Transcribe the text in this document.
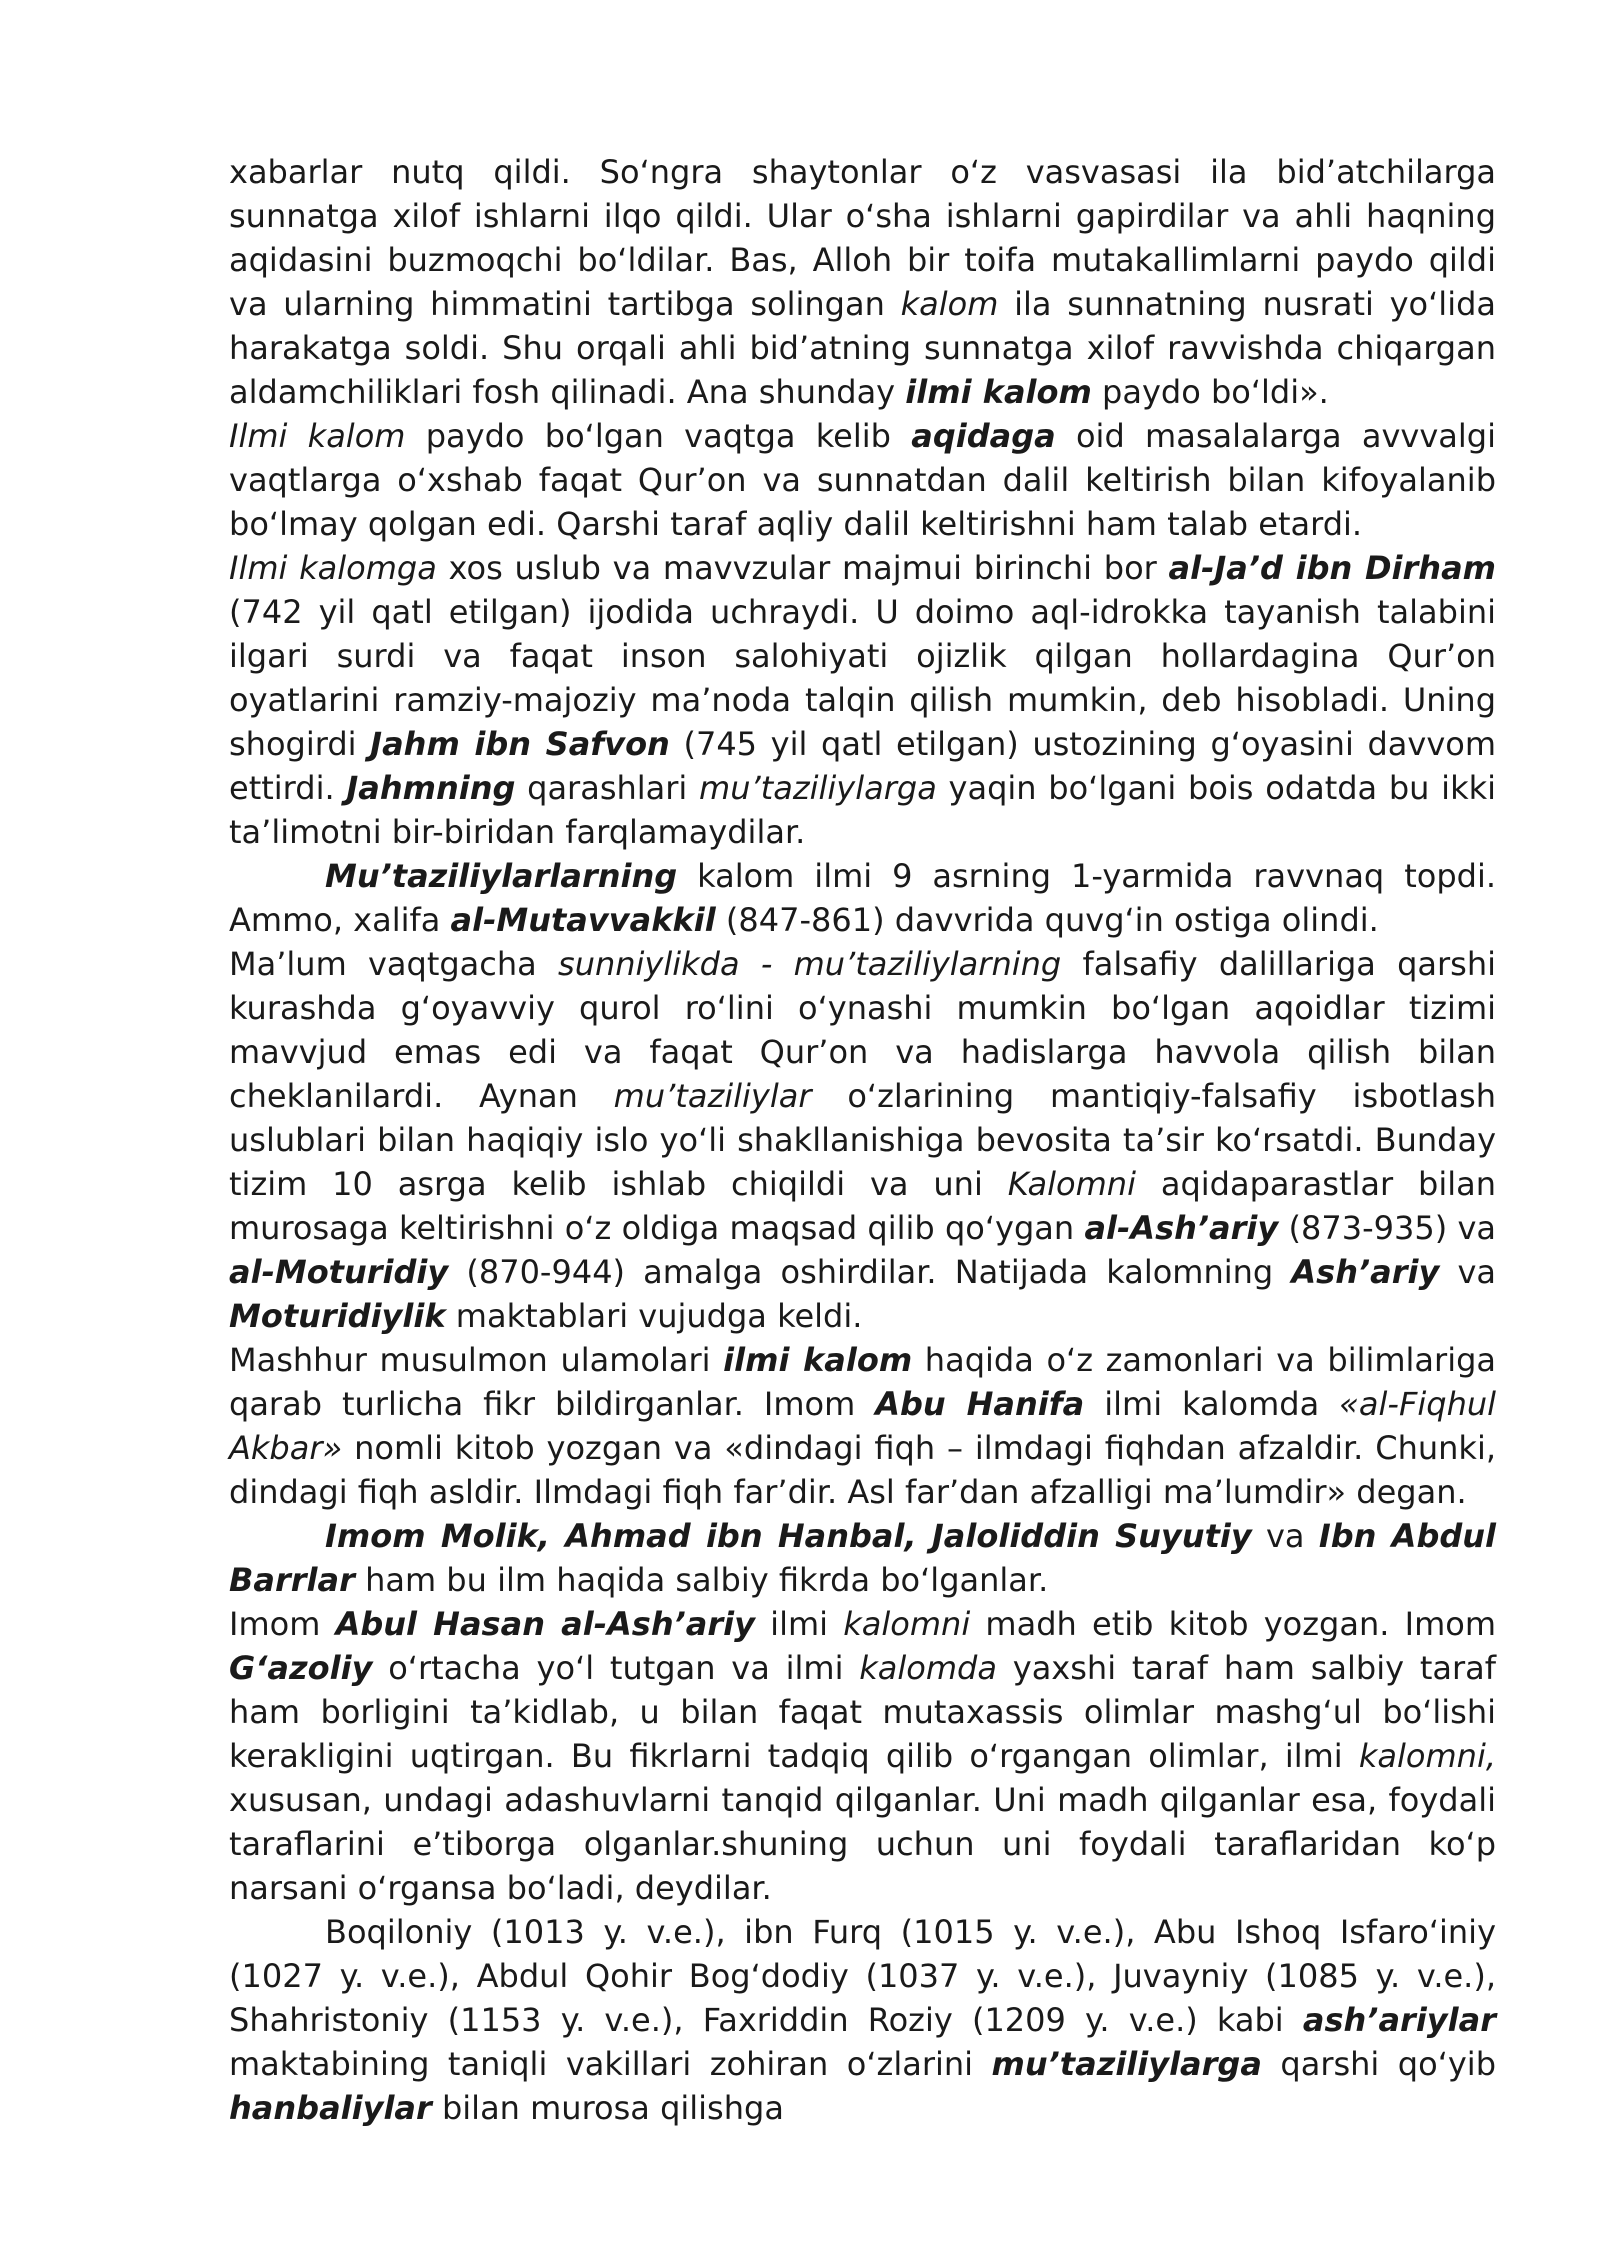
xabarlar nutq qildi. So‘ngra shaytonlar o‘z vasvasasi ila bid’atchilarga sunnatga xilof ishlarni ilqo qildi. Ular o‘sha ishlarni gapirdilar va ahli haqning aqidasini buzmoqchi bo‘ldilar. Bas, Alloh bir toifa mutakallimlarni paydo qildi va ularning himmatini tartibga solingan kalom ila sunnatning nusrati yo‘lida harakatga soldi. Shu orqali ahli bid’atning sunnatga xilof ravvishda chiqargan aldamchiliklari fosh qilinadi. Ana shunday ilmi kalom paydo bo‘ldi».

Ilmi kalom paydo bo‘lgan vaqtga kelib aqidaga oid masalalarga avvvalgi vaqtlarga o‘xshab faqat Qur’on va sunnatdan dalil keltirish bilan kifoyalanib bo‘lmay qolgan edi. Qarshi taraf aqliy dalil keltirishni ham talab etardi.

Ilmi kalomga xos uslub va mavvzular majmui birinchi bor al-Ja’d ibn Dirham (742 yil qatl etilgan) ijodida uchraydi. U doimo aql-idrokka tayanish talabini ilgari surdi va faqat inson salohiyati ojizlik qilgan hollardagina Qur’on oyatlarini ramziy-majoziy ma’noda talqin qilish mumkin, deb hisobladi. Uning shogirdi Jahm ibn Safvon (745 yil qatl etilgan) ustozining g‘oyasini davvom ettirdi. Jahmning qarashlari mu’taziliylarga yaqin bo‘lgani bois odatda bu ikki ta’limotni bir-biridan farqlamaydilar.

Mu’taziliylarlarning kalom ilmi 9 asrning 1-yarmida ravvnaq topdi. Ammo, xalifa al-Mutavvakkil (847-861) davvrida quvg‘in ostiga olindi.

Ma’lum vaqtgacha sunniylikda - mu’taziliylarning falsafiy dalillariga qarshi kurashda g‘oyavviy qurol ro‘lini o‘ynashi mumkin bo‘lgan aqoidlar tizimi mavvjud emas edi va faqat Qur’on va hadislarga havvola qilish bilan cheklanilardi. Aynan mu’taziliylar o‘zlarining mantiqiy-falsafiy isbotlash uslublari bilan haqiqiy islo yo‘li shakllanishiga bevosita ta’sir ko‘rsatdi. Bunday tizim 10 asrga kelib ishlab chiqildi va uni Kalomni aqidaparastlar bilan murosaga keltirishni o‘z oldiga maqsad qilib qo‘ygan al-Ash’ariy (873-935) va al-Moturidiy (870-944) amalga oshirdilar. Natijada kalomning Ash’ariy va Moturidiylik maktablari vujudga keldi.

Mashhur musulmon ulamolari ilmi kalom haqida o‘z zamonlari va bilimlariga qarab turlicha fikr bildirganlar. Imom Abu Hanifa ilmi kalomda «al-Fiqhul Akbar» nomli kitob yozgan va «dindagi fiqh – ilmdagi fiqhdan afzaldir. Chunki, dindagi fiqh asldir. Ilmdagi fiqh far’dir. Asl far’dan afzalligi ma’lumdir» degan.

Imom Molik, Ahmad ibn Hanbal, Jaloliddin Suyutiy va Ibn Abdul Barrlar ham bu ilm haqida salbiy fikrda bo‘lganlar.

Imom Abul Hasan al-Ash’ariy ilmi kalomni madh etib kitob yozgan. Imom G‘azoliy o‘rtacha yo‘l tutgan va ilmi kalomda yaxshi taraf ham salbiy taraf ham borligini ta’kidlab, u bilan faqat mutaxassis olimlar mashg‘ul bo‘lishi kerakligini uqtirgan. Bu fikrlarni tadqiq qilib o‘rgangan olimlar, ilmi kalomni, xususan, undagi adashuvlarni tanqid qilganlar. Uni madh qilganlar esa, foydali taraflarini e’tiborga olganlar.shuning uchun uni foydali taraflaridan ko‘p narsani o‘rgansa bo‘ladi, deydilar.

Boqiloniy (1013 y. v.e.), ibn Furq (1015 y. v.e.), Abu Ishoq Isfaro‘iniy (1027 y. v.e.), Abdul Qohir Bog‘dodiy (1037 y. v.e.), Juvayniy (1085 y. v.e.), Shahristoniy (1153 y. v.e.), Faxriddin Roziy (1209 y. v.e.) kabi ash’ariylar maktabining taniqli vakillari zohiran o‘zlarini mu’taziliylarga qarshi qo‘yib hanbaliylar bilan murosa qilishga
